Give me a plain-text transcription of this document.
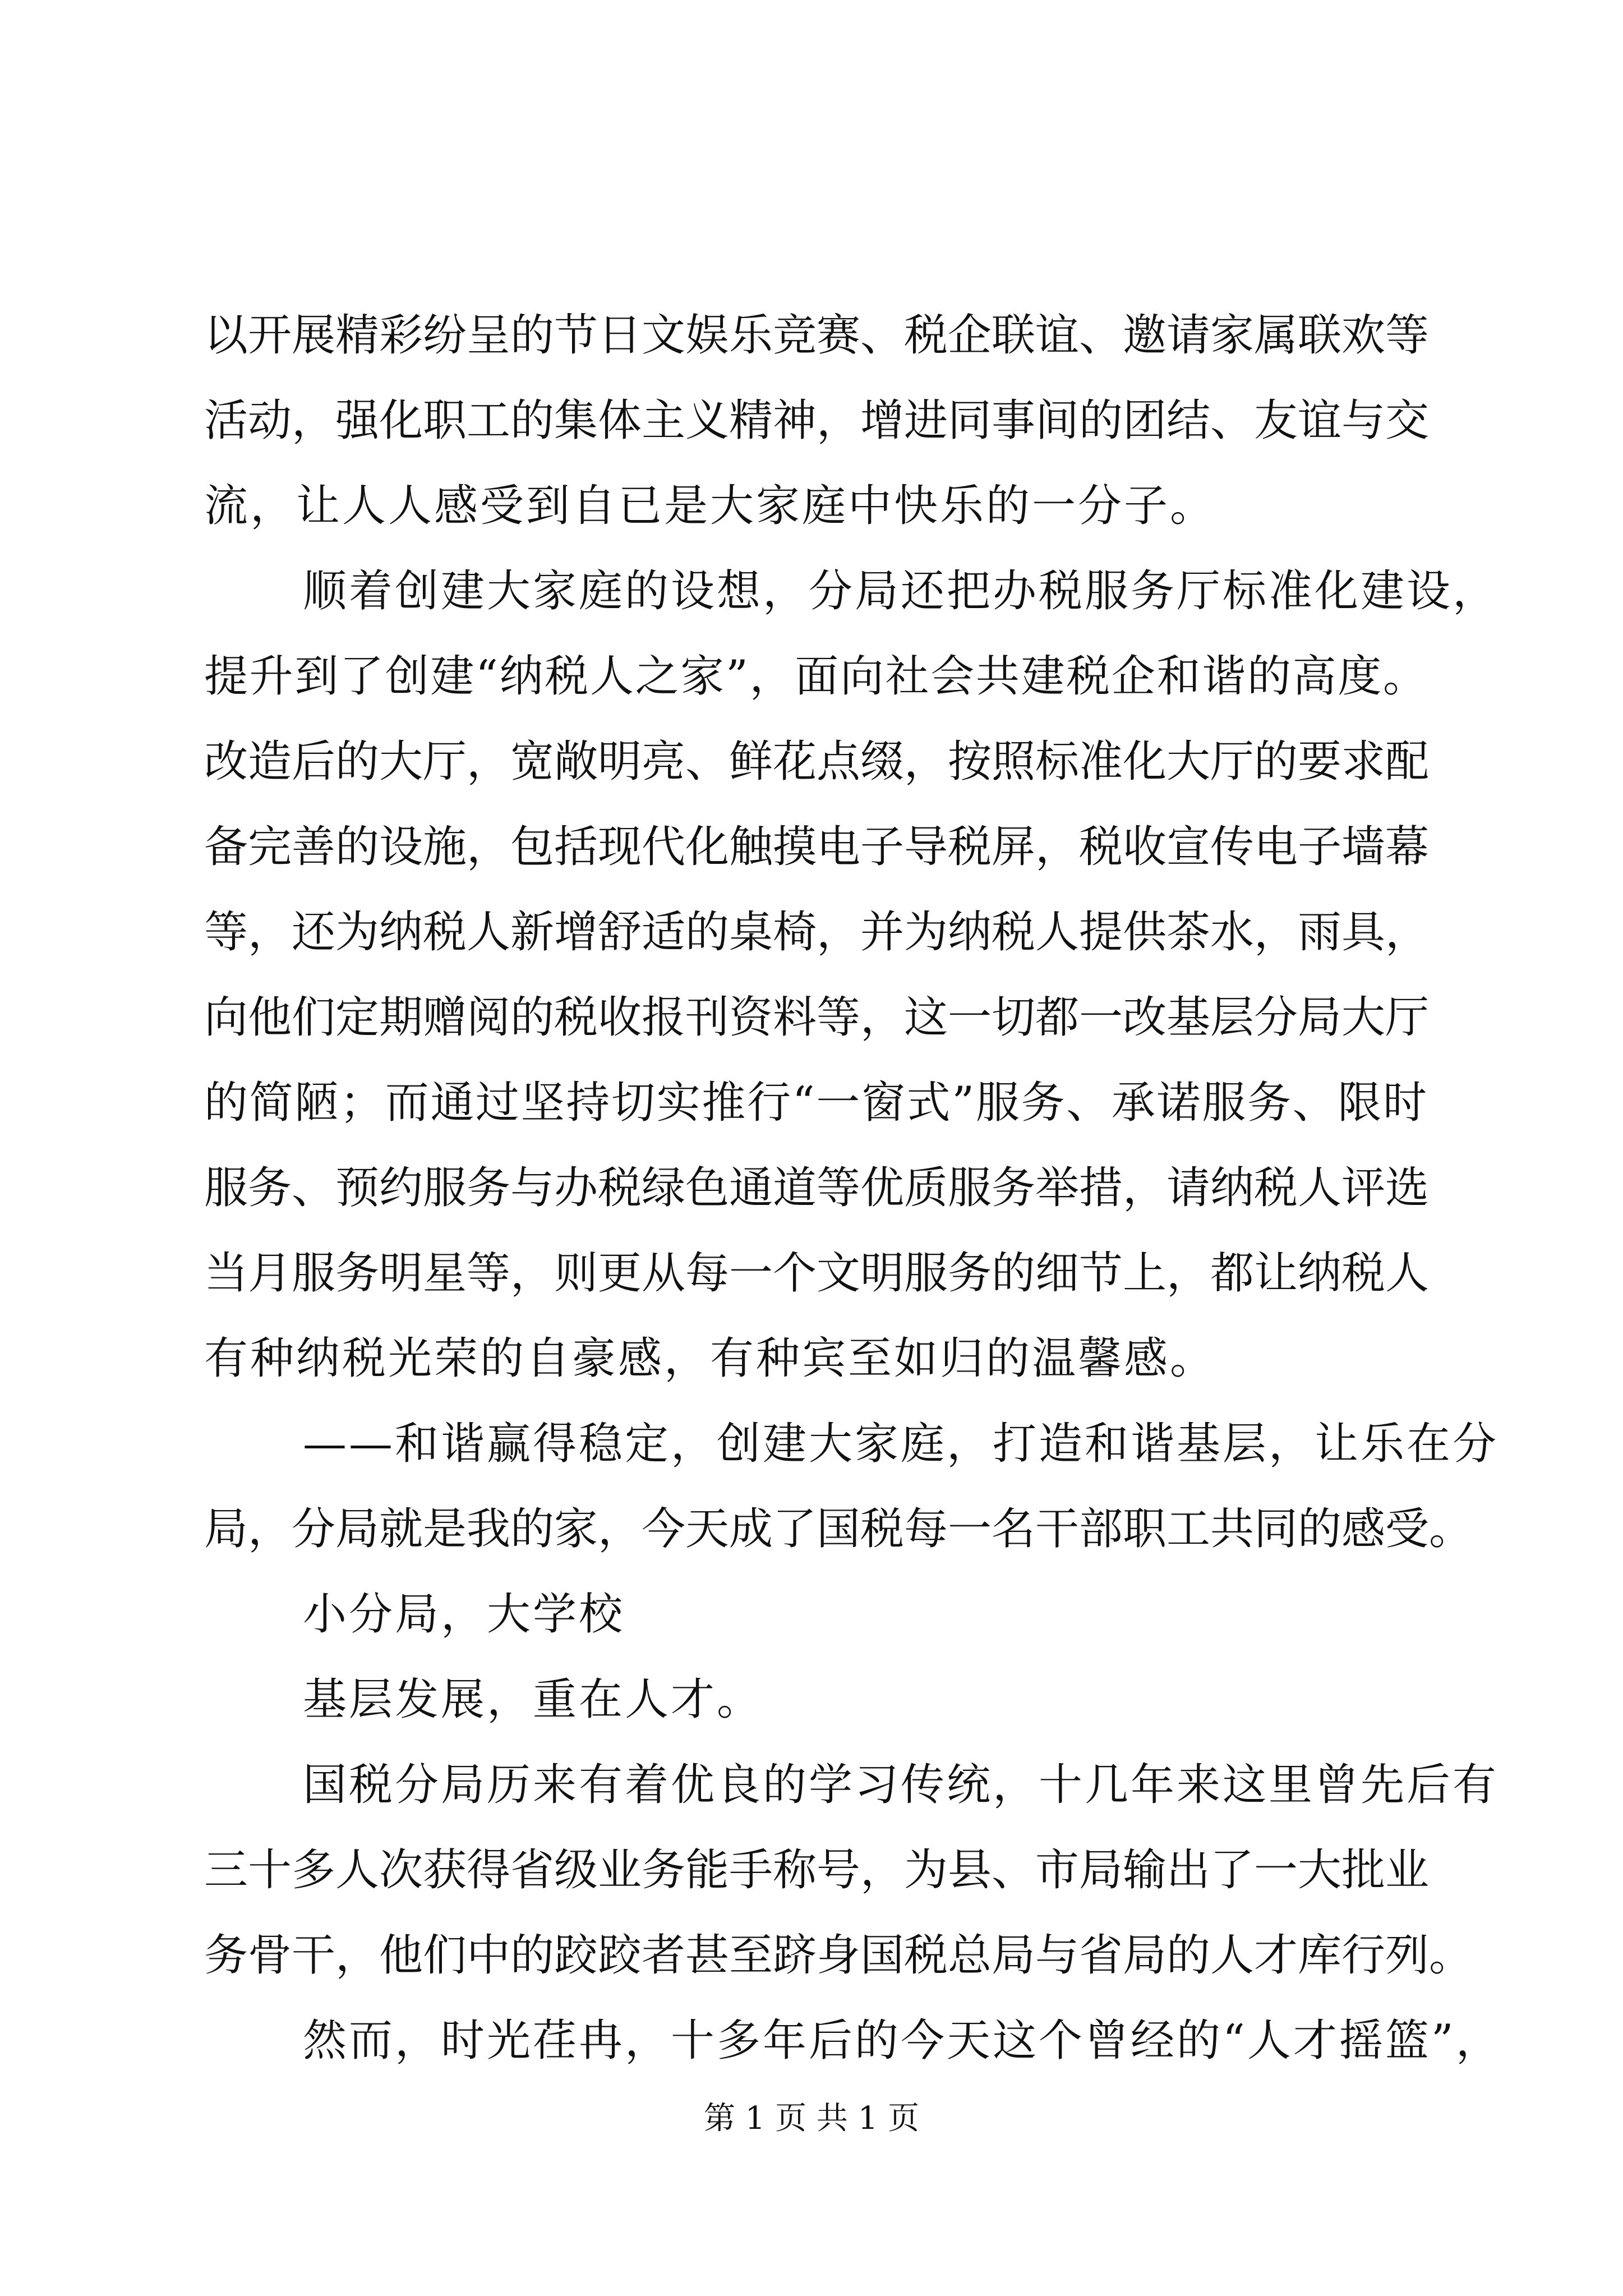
以开展精彩纷呈的节日文娱乐竞赛、税企联谊、邀请家属联欢等
活动，强化职工的集体主义精神，增进同事间的团结、友谊与交
流，让人人感受到自已是大家庭中快乐的一分子。
顺着创建大家庭的设想，分局还把办税服务厅标准化建设，
提升到了创建“纳税人之家”，面向社会共建税企和谐的高度。
改造后的大厅，宽敞明亮、鲜花点缀，按照标准化大厅的要求配
备完善的设施，包括现代化触摸电子导税屏，税收宣传电子墙幕
等，还为纳税人新增舒适的桌椅，并为纳税人提供茶水，雨具，
向他们定期赠阅的税收报刊资料等，这一切都一改基层分局大厅
的简陋；而通过坚持切实推行“一窗式”服务、承诺服务、限时
服务、预约服务与办税绿色通道等优质服务举措，请纳税人评选
当月服务明星等，则更从每一个文明服务的细节上，都让纳税人
有种纳税光荣的自豪感，有种宾至如归的温馨感。
——和谐赢得稳定，创建大家庭，打造和谐基层，让乐在分
局，分局就是我的家，今天成了国税每一名干部职工共同的感受。
小分局，大学校
基层发展，重在人才。
国税分局历来有着优良的学习传统，十几年来这里曾先后有
三十多人次获得省级业务能手称号，为县、市局输出了一大批业
务骨干，他们中的跤跤者甚至跻身国税总局与省局的人才库行列。
然而，时光荏冉，十多年后的今天这个曾经的“人才摇篮”，
第 1 页 共 1 页
